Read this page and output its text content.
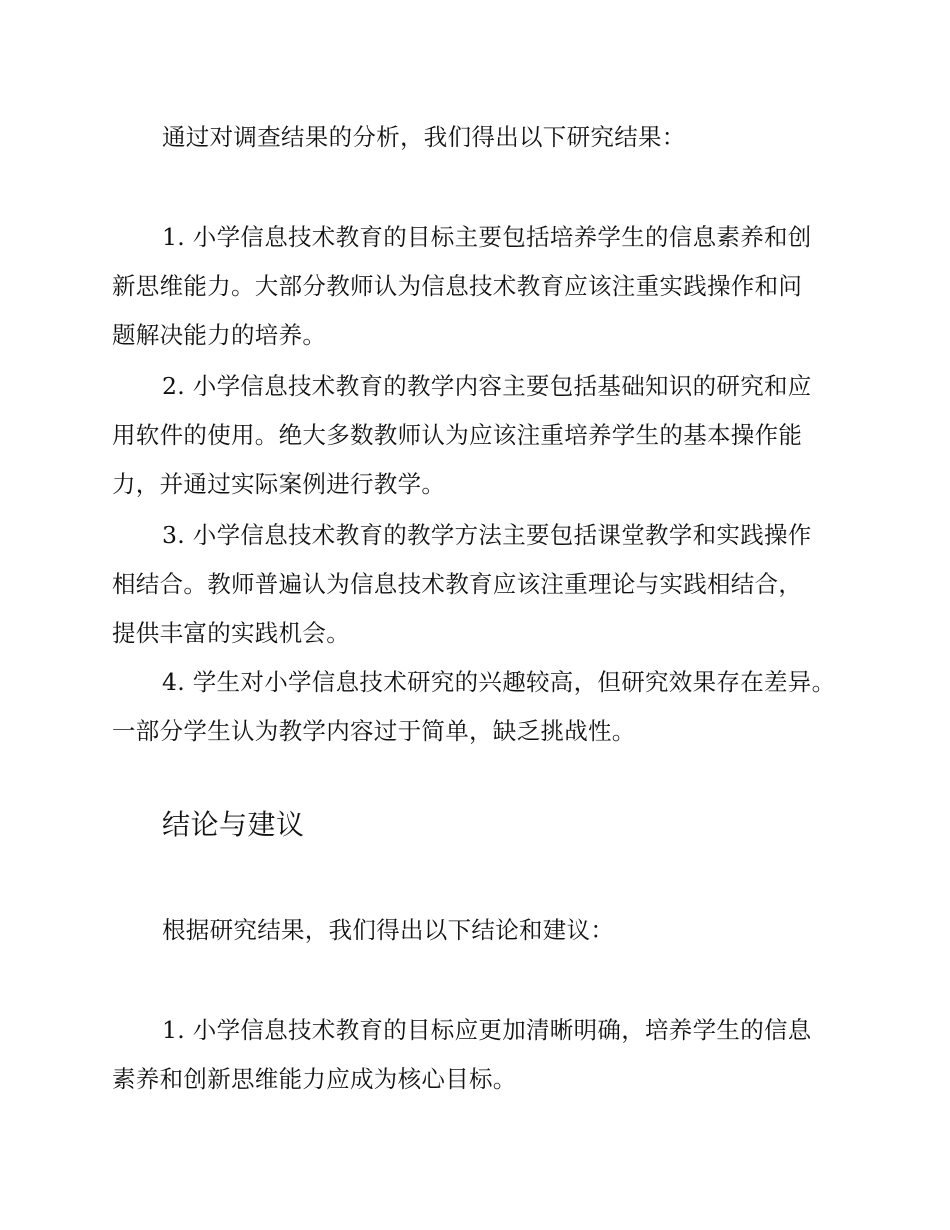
通过对调查结果的分析，我们得出以下研究结果：
1. 小学信息技术教育的目标主要包括培养学生的信息素养和创
新思维能力。大部分教师认为信息技术教育应该注重实践操作和问
题解决能力的培养。
2. 小学信息技术教育的教学内容主要包括基础知识的研究和应
用软件的使用。绝大多数教师认为应该注重培养学生的基本操作能
力，并通过实际案例进行教学。
3. 小学信息技术教育的教学方法主要包括课堂教学和实践操作
相结合。教师普遍认为信息技术教育应该注重理论与实践相结合，
提供丰富的实践机会。
4. 学生对小学信息技术研究的兴趣较高，但研究效果存在差异。
一部分学生认为教学内容过于简单，缺乏挑战性。
结论与建议
根据研究结果，我们得出以下结论和建议：
1. 小学信息技术教育的目标应更加清晰明确，培养学生的信息
素养和创新思维能力应成为核心目标。
